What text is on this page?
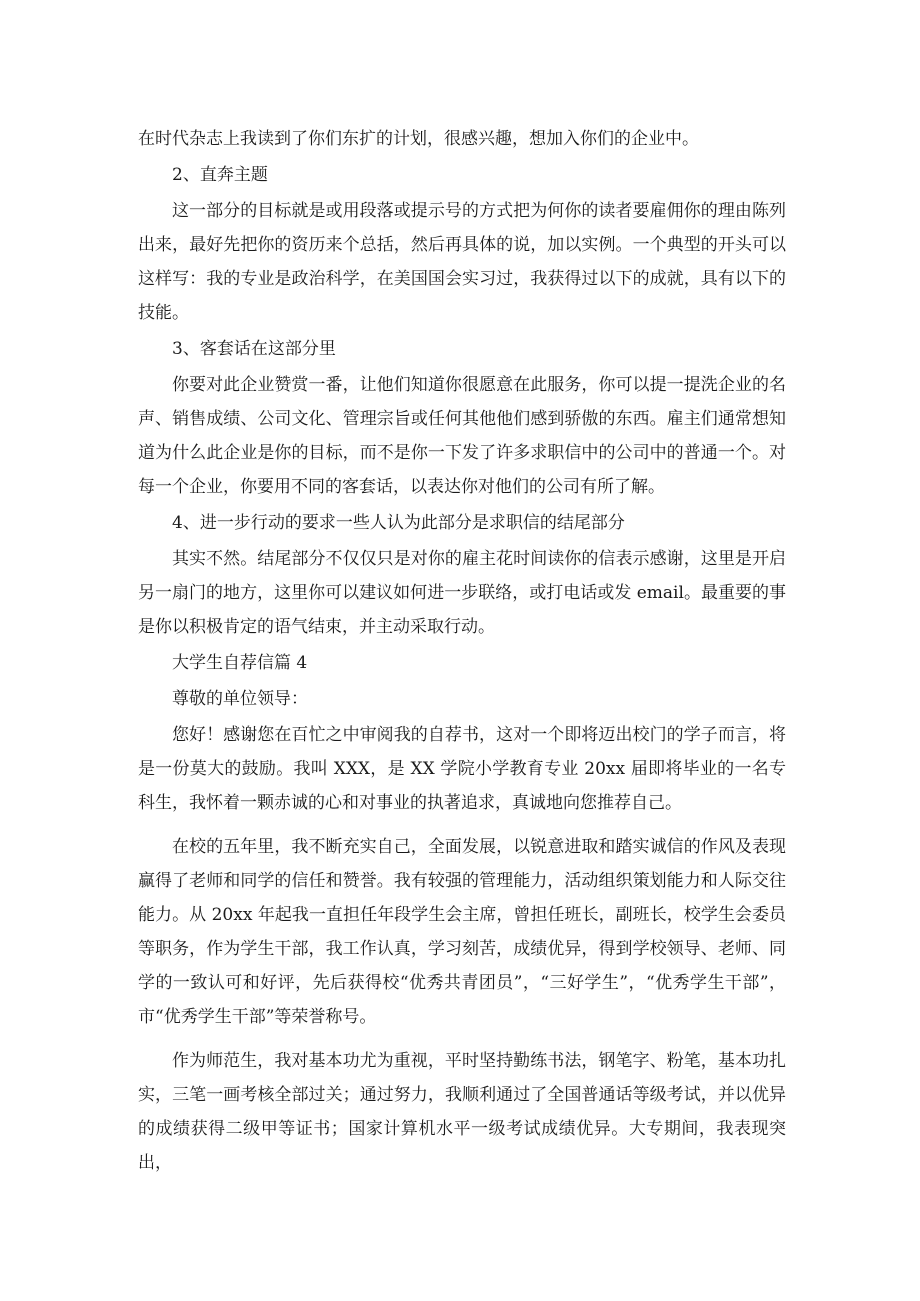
在时代杂志上我读到了你们东扩的计划，很感兴趣，想加入你们的企业中。

2、直奔主题

这一部分的目标就是或用段落或提示号的方式把为何你的读者要雇佣你的理由陈列出来，最好先把你的资历来个总括，然后再具体的说，加以实例。一个典型的开头可以这样写：我的专业是政治科学，在美国国会实习过，我获得过以下的成就，具有以下的技能。

3、客套话在这部分里

你要对此企业赞赏一番，让他们知道你很愿意在此服务，你可以提一提洗企业的名声、销售成绩、公司文化、管理宗旨或任何其他他们感到骄傲的东西。雇主们通常想知道为什么此企业是你的目标，而不是你一下发了许多求职信中的公司中的普通一个。对每一个企业，你要用不同的客套话，以表达你对他们的公司有所了解。

4、进一步行动的要求一些人认为此部分是求职信的结尾部分

其实不然。结尾部分不仅仅只是对你的雇主花时间读你的信表示感谢，这里是开启另一扇门的地方，这里你可以建议如何进一步联络，或打电话或发 email。最重要的事是你以积极肯定的语气结束，并主动采取行动。

大学生自荐信篇 4

尊敬的单位领导：

您好！感谢您在百忙之中审阅我的自荐书，这对一个即将迈出校门的学子而言，将是一份莫大的鼓励。我叫 XXX，是 XX 学院小学教育专业 20xx 届即将毕业的一名专科生，我怀着一颗赤诚的心和对事业的执著追求，真诚地向您推荐自己。

在校的五年里，我不断充实自己，全面发展，以锐意进取和踏实诚信的作风及表现赢得了老师和同学的信任和赞誉。我有较强的管理能力，活动组织策划能力和人际交往能力。从 20xx 年起我一直担任年段学生会主席，曾担任班长，副班长，校学生会委员等职务，作为学生干部，我工作认真，学习刻苦，成绩优异，得到学校领导、老师、同学的一致认可和好评，先后获得校“优秀共青团员”，“三好学生”，“优秀学生干部”，市“优秀学生干部”等荣誉称号。

作为师范生，我对基本功尤为重视，平时坚持勤练书法，钢笔字、粉笔，基本功扎实，三笔一画考核全部过关；通过努力，我顺利通过了全国普通话等级考试，并以优异的成绩获得二级甲等证书；国家计算机水平一级考试成绩优异。大专期间，我表现突出，
